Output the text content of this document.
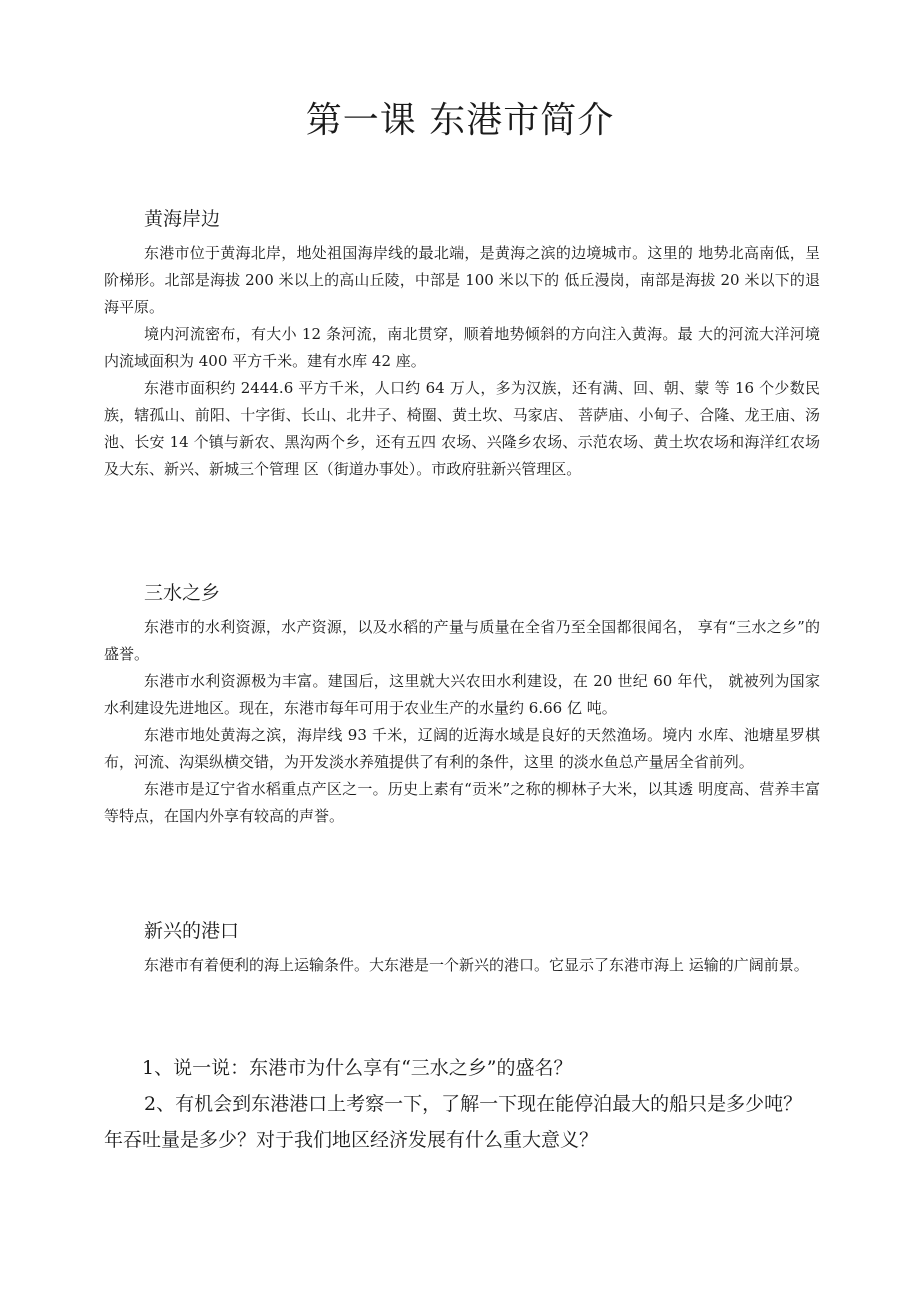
第一课 东港市简介
黄海岸边

东港市位于黄海北岸，地处祖国海岸线的最北端，是黄海之滨的边境城市。这里的 地势北高南低，呈阶梯形。北部是海拔 200 米以上的高山丘陵，中部是 100 米以下的 低丘漫岗，南部是海拔 20 米以下的退海平原。

境内河流密布，有大小 12 条河流，南北贯穿，顺着地势倾斜的方向注入黄海。最 大的河流大洋河境内流域面积为 400 平方千米。建有水库 42 座。

东港市面积约 2444.6 平方千米，人口约 64 万人，多为汉族，还有满、回、朝、蒙 等 16 个少数民族，辖孤山、前阳、十字街、长山、北井子、椅圈、黄土坎、马家店、 菩萨庙、小甸子、合隆、龙王庙、汤池、长安 14 个镇与新农、黑沟两个乡，还有五四 农场、兴隆乡农场、示范农场、黄土坎农场和海洋红农场及大东、新兴、新城三个管理 区（街道办事处）。市政府驻新兴管理区。

三水之乡

东港市的水利资源，水产资源，以及水稻的产量与质量在全省乃至全国都很闻名， 享有“三水之乡”的盛誉。

东港市水利资源极为丰富。建国后，这里就大兴农田水利建设，在 20 世纪 60 年代， 就被列为国家水利建设先进地区。现在，东港市每年可用于农业生产的水量约 6.66 亿 吨。

东港市地处黄海之滨，海岸线 93 千米，辽阔的近海水域是良好的天然渔场。境内 水库、池塘星罗棋布，河流、沟渠纵横交错，为开发淡水养殖提供了有利的条件，这里 的淡水鱼总产量居全省前列。

东港市是辽宁省水稻重点产区之一。历史上素有“贡米”之称的柳林子大米，以其透 明度高、营养丰富等特点，在国内外享有较高的声誉。

新兴的港口

东港市有着便利的海上运输条件。大东港是一个新兴的港口。它显示了东港市海上 运输的广阔前景。

1、说一说：东港市为什么享有“三水之乡”的盛名？

2、有机会到东港港口上考察一下，了解一下现在能停泊最大的船只是多少吨？年吞吐量是多少？对于我们地区经济发展有什么重大意义？
